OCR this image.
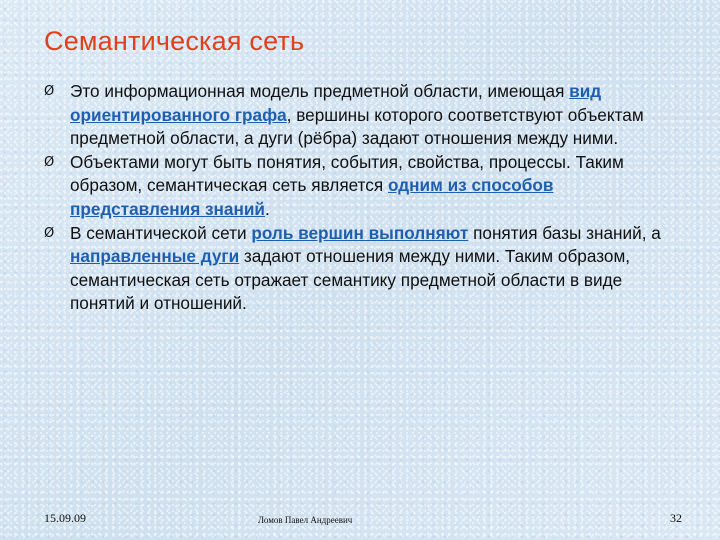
Семантическая сеть
Ø Это информационная модель предметной области, имеющая вид ориентированного графа, вершины которого соответствуют объектам предметной области, а дуги (рёбра) задают отношения между ними.
Ø Объектами могут быть понятия, события, свойства, процессы. Таким образом, семантическая сеть является одним из способов представления знаний.
Ø В семантической сети роль вершин выполняют понятия базы знаний, а направленные дуги задают отношения между ними. Таким образом, семантическая сеть отражает семантику предметной области в виде понятий и отношений.
15.09.09	Ломов Павел Андреевич	32
